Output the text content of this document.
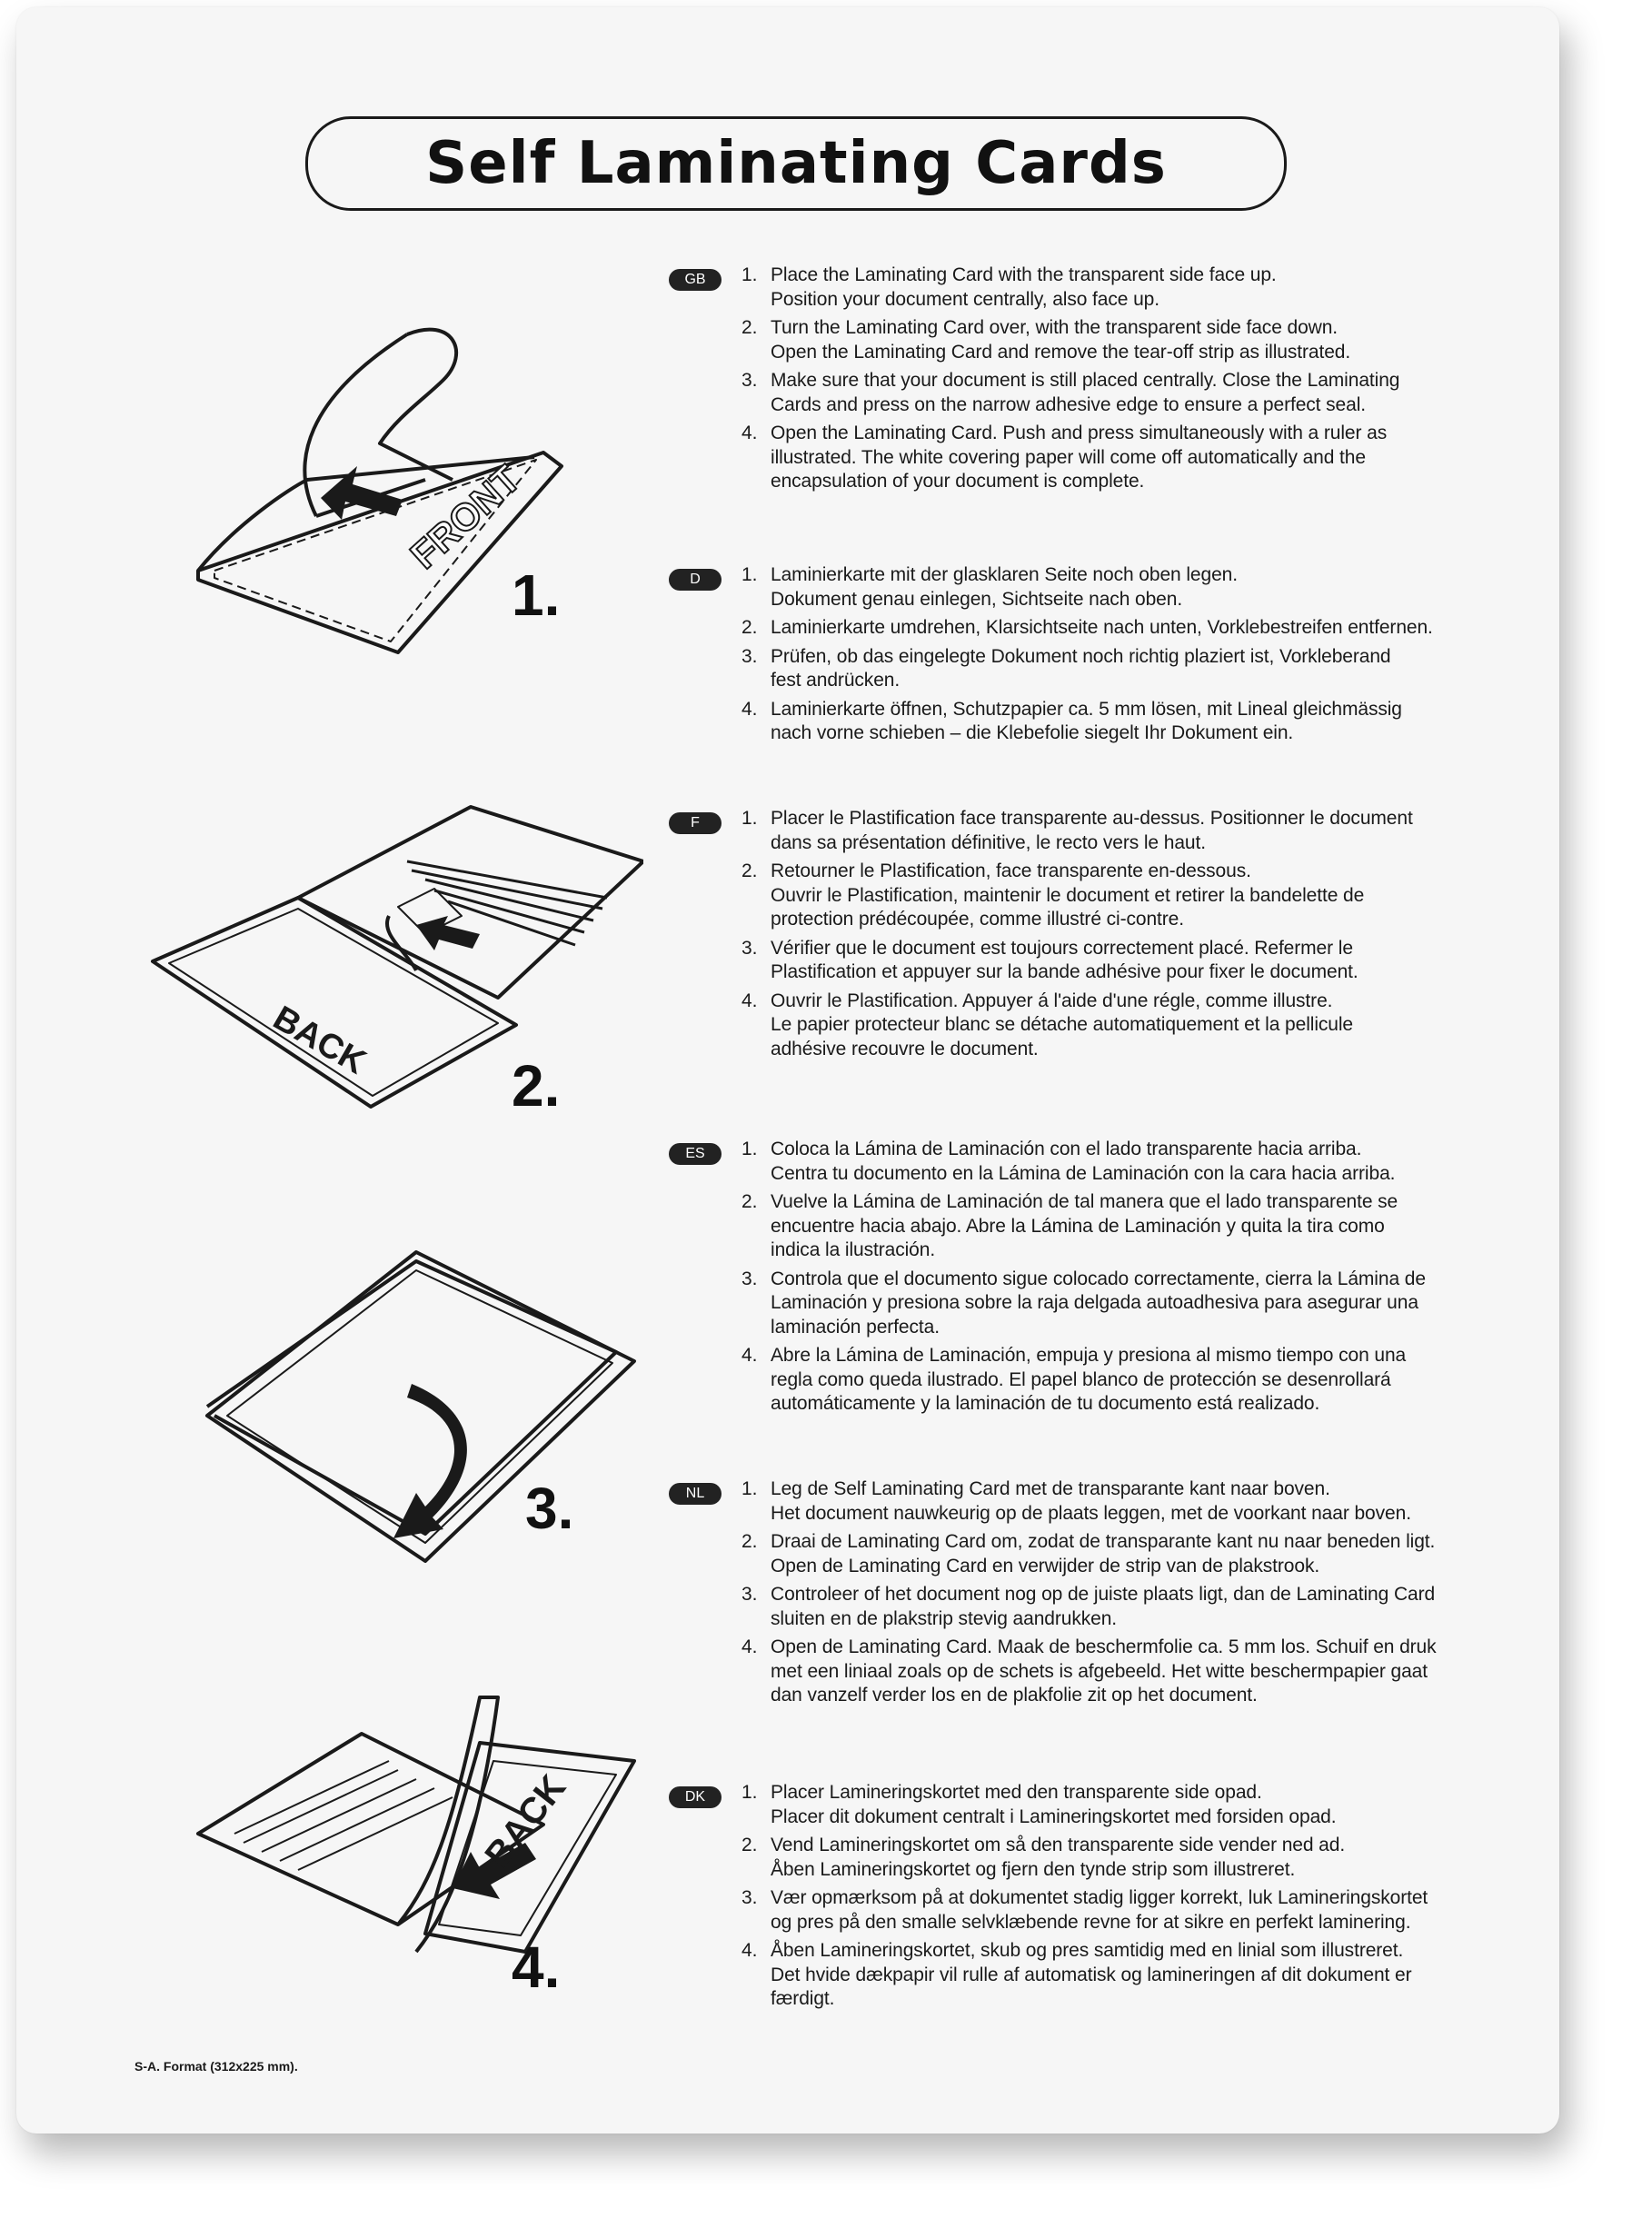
Self Laminating Cards
FRONT
1.
BACK
2.
3.
BACK
4.
GB	1. Place the Laminating Card with the transparent side face up.
Position your document centrally, also face up.
2. Turn the Laminating Card over, with the transparent side face down.
Open the Laminating Card and remove the tear-off strip as illustrated.
3. Make sure that your document is still placed centrally. Close the Laminating
Cards and press on the narrow adhesive edge to ensure a perfect seal.
4. Open the Laminating Card. Push and press simultaneously with a ruler as
illustrated. The white covering paper will come off automatically and the
encapsulation of your document is complete.
D	1. Laminierkarte mit der glasklaren Seite noch oben legen.
Dokument genau einlegen, Sichtseite nach oben.
2. Laminierkarte umdrehen, Klarsichtseite nach unten, Vorklebestreifen entfernen.
3. Prüfen, ob das eingelegte Dokument noch richtig plaziert ist, Vorkleberand
fest andrücken.
4. Laminierkarte öffnen, Schutzpapier ca. 5 mm lösen, mit Lineal gleichmässig
nach vorne schieben – die Klebefolie siegelt Ihr Dokument ein.
F	1. Placer le Plastification face transparente au-dessus. Positionner le document
dans sa présentation définitive, le recto vers le haut.
2. Retourner le Plastification, face transparente en-dessous.
Ouvrir le Plastification, maintenir le document et retirer la bandelette de
protection prédécoupée, comme illustré ci-contre.
3. Vérifier que le document est toujours correctement placé. Refermer le
Plastification et appuyer sur la bande adhésive pour fixer le document.
4. Ouvrir le Plastification. Appuyer á l'aide d'une régle, comme illustre.
Le papier protecteur blanc se détache automatiquement et la pellicule
adhésive recouvre le document.
ES	1. Coloca la Lámina de Laminación con el lado transparente hacia arriba.
Centra tu documento en la Lámina de Laminación con la cara hacia arriba.
2. Vuelve la Lámina de Laminación de tal manera que el lado transparente se
encuentre hacia abajo. Abre la Lámina de Laminación y quita la tira como
indica la ilustración.
3. Controla que el documento sigue colocado correctamente, cierra la Lámina de
Laminación y presiona sobre la raja delgada autoadhesiva para asegurar una
laminación perfecta.
4. Abre la Lámina de Laminación, empuja y presiona al mismo tiempo con una
regla como queda ilustrado. El papel blanco de protección se desenrollará
automáticamente y la laminación de tu documento está realizado.
NL	1. Leg de Self Laminating Card met de transparante kant naar boven.
Het document nauwkeurig op de plaats leggen, met de voorkant naar boven.
2. Draai de Laminating Card om, zodat de transparante kant nu naar beneden ligt.
Open de Laminating Card en verwijder de strip van de plakstrook.
3. Controleer of het document nog op de juiste plaats ligt, dan de Laminating Card
sluiten en de plakstrip stevig aandrukken.
4. Open de Laminating Card. Maak de beschermfolie ca. 5 mm los. Schuif en druk
met een liniaal zoals op de schets is afgebeeld. Het witte beschermpapier gaat
dan vanzelf verder los en de plakfolie zit op het document.
DK	1. Placer Lamineringskortet med den transparente side opad.
Placer dit dokument centralt i Lamineringskortet med forsiden opad.
2. Vend Lamineringskortet om så den transparente side vender ned ad.
Åben Lamineringskortet og fjern den tynde strip som illustreret.
3. Vær opmærksom på at dokumentet stadig ligger korrekt, luk Lamineringskortet
og pres på den smalle selvklæbende revne for at sikre en perfekt laminering.
4. Åben Lamineringskortet, skub og pres samtidig med en linial som illustreret.
Det hvide dækpapir vil rulle af automatisk og lamineringen af dit dokument er
færdigt.
S-A. Format (312x225 mm).
